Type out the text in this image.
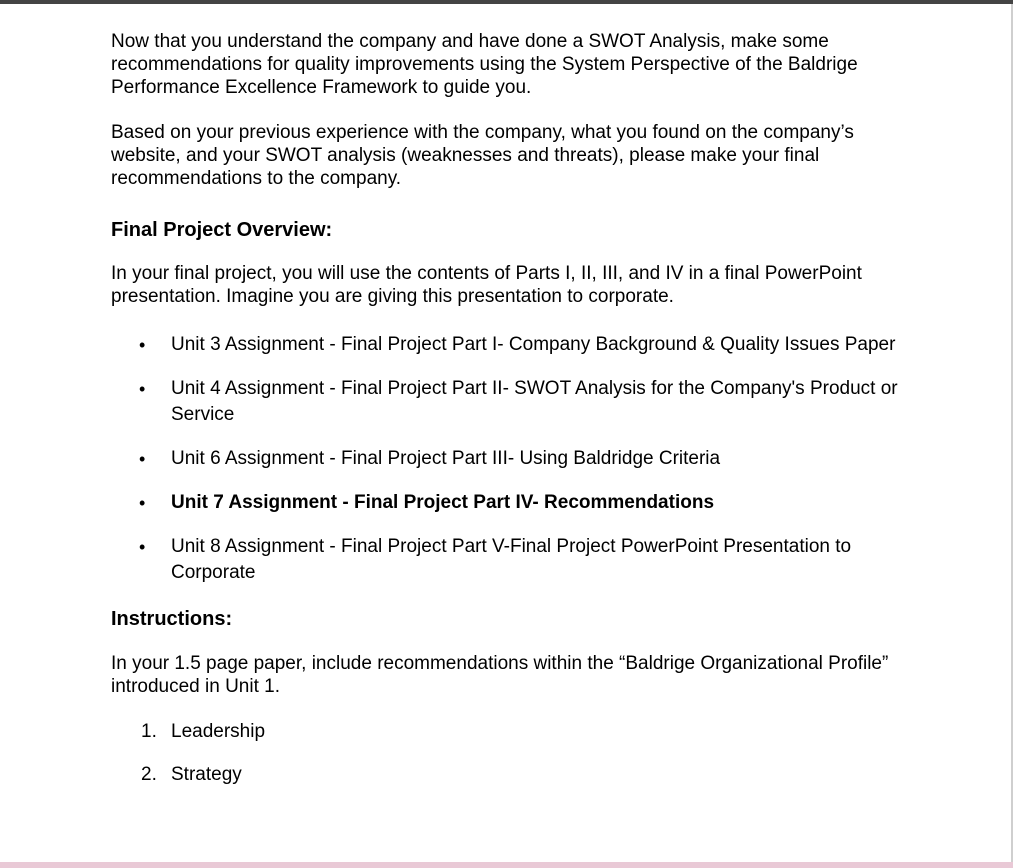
Now that you understand the company and have done a SWOT Analysis, make some recommendations for quality improvements using the System Perspective of the Baldrige Performance Excellence Framework to guide you.

Based on your previous experience with the company, what you found on the company’s website, and your SWOT analysis (weaknesses and threats), please make your final recommendations to the company.

Final Project Overview:

In your final project, you will use the contents of Parts I, II, III, and IV in a final PowerPoint presentation. Imagine you are giving this presentation to corporate.

• Unit 3 Assignment - Final Project Part I- Company Background & Quality Issues Paper
• Unit 4 Assignment - Final Project Part II- SWOT Analysis for the Company's Product or Service
• Unit 6 Assignment - Final Project Part III- Using Baldridge Criteria
• Unit 7 Assignment - Final Project Part IV- Recommendations
• Unit 8 Assignment - Final Project Part V-Final Project PowerPoint Presentation to Corporate

Instructions:

In your 1.5 page paper, include recommendations within the “Baldrige Organizational Profile” introduced in Unit 1.

1. Leadership
2. Strategy
